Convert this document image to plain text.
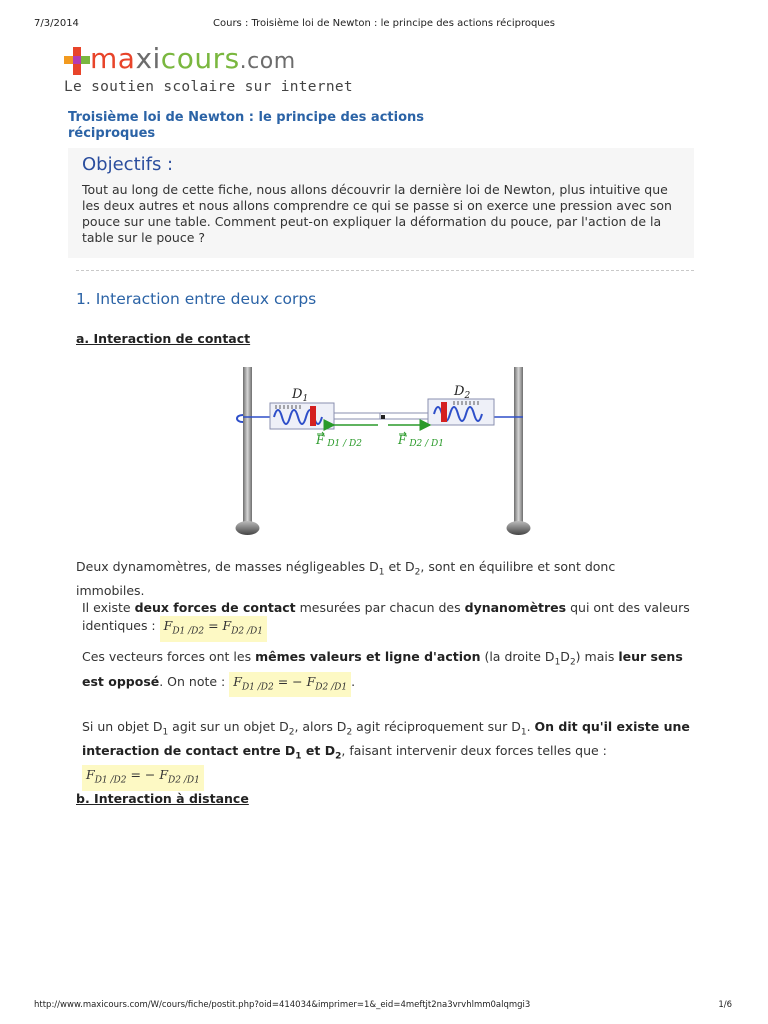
7/3/2014	Cours : Troisième loi de Newton : le principe des actions réciproques
maxicours.com
Le soutien scolaire sur internet
Troisième loi de Newton : le principe des actions réciproques
Objectifs :
Tout au long de cette fiche, nous allons découvrir la dernière loi de Newton, plus intuitive que les deux autres et nous allons comprendre ce qui se passe si on exerce une pression avec son pouce sur une table. Comment peut-on expliquer la déformation du pouce, par l'action de la table sur le pouce ?
1. Interaction entre deux corps
a. Interaction de contact
$D_1$	$D_2$
F D1 / D2	F D2 / D1
Deux dynamomètres, de masses négligeables $D_1$ et $D_2$, sont en équilibre et sont donc immobiles.
Il existe deux forces de contact mesurées par chacun des dynanomètres qui ont des valeurs identiques : $F_{D1 /D2} = F_{D2 /D1}$
Ces vecteurs forces ont les mêmes valeurs et ligne d'action (la droite $D_1D_2$) mais leur sens est opposé. On note : $F_{D1 /D2}$ = − $F_{D2 /D1}$ .
Si un objet $D_1$ agit sur un objet $D_2$, alors $D_2$ agit réciproquement sur $D_1$. On dit qu'il existe une interaction de contact entre $D_1$ et $D_2$, faisant intervenir deux forces telles que : $F_{D1 /D2}$ = − $F_{D2 /D1}$
b. Interaction à distance
http://www.maxicours.com/W/cours/fiche/postit.php?oid=414034&imprimer=1&_eid=4meftjt2na3vrvhlmm0alqmgi3	1/6
